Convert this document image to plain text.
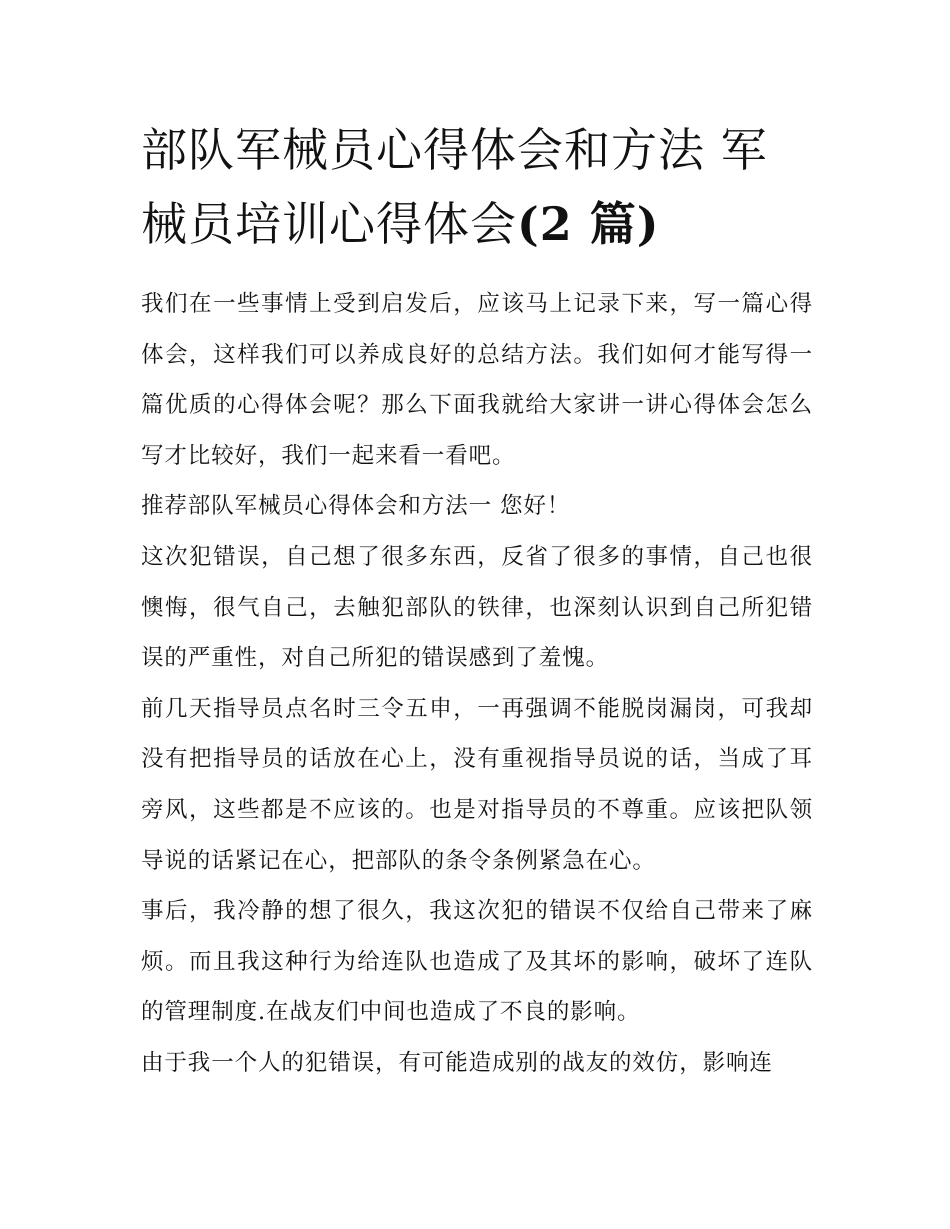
部队军械员心得体会和方法 军械员培训心得体会(2 篇)

我们在一些事情上受到启发后，应该马上记录下来，写一篇心得体会，这样我们可以养成良好的总结方法。我们如何才能写得一篇优质的心得体会呢？那么下面我就给大家讲一讲心得体会怎么写才比较好，我们一起来看一看吧。

推荐部队军械员心得体会和方法一 您好！

这次犯错误，自己想了很多东西，反省了很多的事情，自己也很懊悔，很气自己，去触犯部队的铁律，也深刻认识到自己所犯错误的严重性，对自己所犯的错误感到了羞愧。

前几天指导员点名时三令五申，一再强调不能脱岗漏岗，可我却没有把指导员的话放在心上，没有重视指导员说的话，当成了耳旁风，这些都是不应该的。也是对指导员的不尊重。应该把队领导说的话紧记在心，把部队的条令条例紧急在心。

事后，我冷静的想了很久，我这次犯的错误不仅给自己带来了麻烦。而且我这种行为给连队也造成了及其坏的影响，破坏了连队的管理制度.在战友们中间也造成了不良的影响。

由于我一个人的犯错误，有可能造成别的战友的效仿，影响连
